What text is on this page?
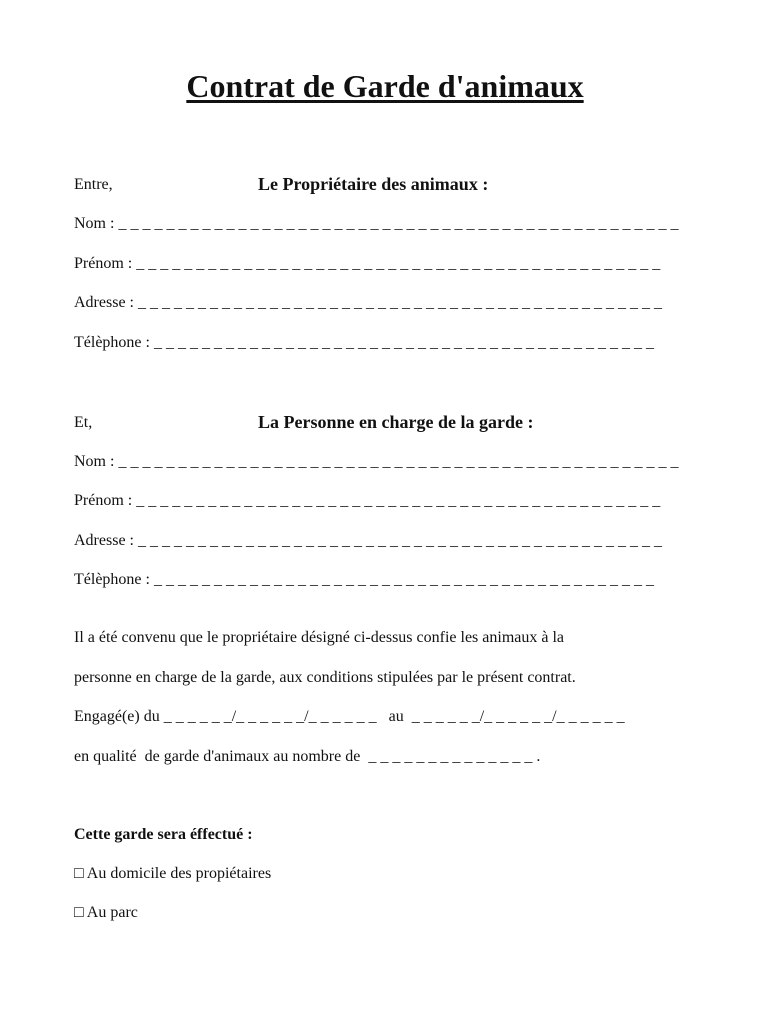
Contrat de Garde d'animaux
Entre,	Le Propriétaire des animaux :
Nom : _ _ _ _ _ _ _ _ _ _ _ _ _ _ _ _ _ _ _ _ _ _ _ _ _ _ _ _ _ _ _ _ _ _ _ _ _ _ _ _ _ _ _ _ _ _ _
Prénom : _ _ _ _ _ _ _ _ _ _ _ _ _ _ _ _ _ _ _ _ _ _ _ _ _ _ _ _ _ _ _ _ _ _ _ _ _ _ _ _ _ _ _ _
Adresse : _ _ _ _ _ _ _ _ _ _ _ _ _ _ _ _ _ _ _ _ _ _ _ _ _ _ _ _ _ _ _ _ _ _ _ _ _ _ _ _ _ _ _ _
Télèphone : _ _ _ _ _ _ _ _ _ _ _ _ _ _ _ _ _ _ _ _ _ _ _ _ _ _ _ _ _ _ _ _ _ _ _ _ _ _ _ _ _ _
Et,	La Personne en charge de la garde :
Nom : _ _ _ _ _ _ _ _ _ _ _ _ _ _ _ _ _ _ _ _ _ _ _ _ _ _ _ _ _ _ _ _ _ _ _ _ _ _ _ _ _ _ _ _ _ _ _
Prénom : _ _ _ _ _ _ _ _ _ _ _ _ _ _ _ _ _ _ _ _ _ _ _ _ _ _ _ _ _ _ _ _ _ _ _ _ _ _ _ _ _ _ _ _
Adresse : _ _ _ _ _ _ _ _ _ _ _ _ _ _ _ _ _ _ _ _ _ _ _ _ _ _ _ _ _ _ _ _ _ _ _ _ _ _ _ _ _ _ _ _
Télèphone : _ _ _ _ _ _ _ _ _ _ _ _ _ _ _ _ _ _ _ _ _ _ _ _ _ _ _ _ _ _ _ _ _ _ _ _ _ _ _ _ _ _
Il a été convenu que le propriétaire désigné ci-dessus confie les animaux à la
personne en charge de la garde, aux conditions stipulées par le présent contrat.
Engagé(e) du _ _ _ _ _ _/_ _ _ _ _ _/_ _ _ _ _ _ au _ _ _ _ _ _/_ _ _ _ _ _/_ _ _ _ _ _
en qualité  de garde d'animaux au nombre de _ _ _ _ _ _ _ _ _ _ _ _ _ _ .
Cette garde sera éffectué :
□ Au domicile des propiétaires
□ Au parc
